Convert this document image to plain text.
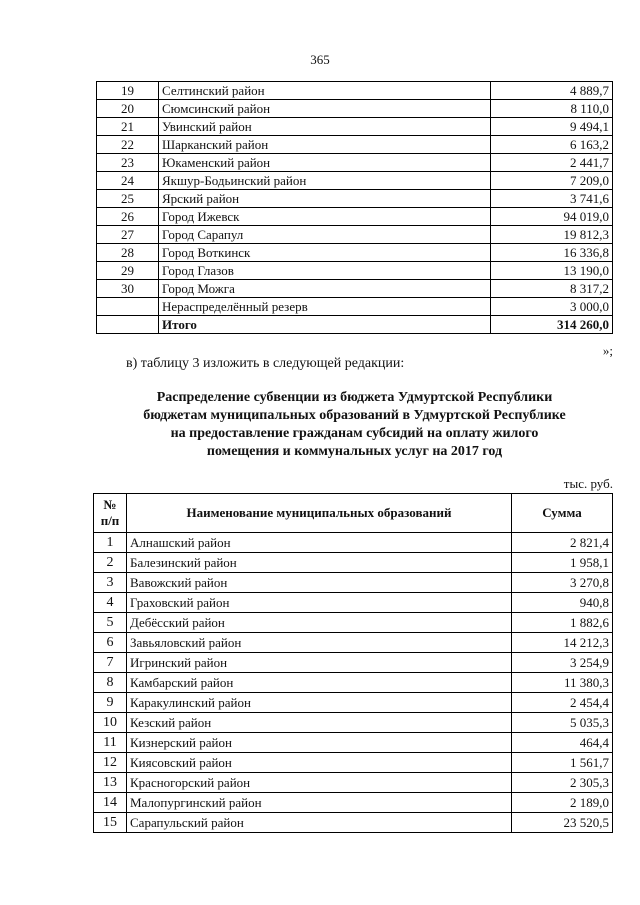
365
19	Селтинский район	4 889,7
20	Сюмсинский район	8 110,0
21	Увинский район	9 494,1
22	Шарканский район	6 163,2
23	Юкаменский район	2 441,7
24	Якшур-Бодьинский район	7 209,0
25	Ярский район	3 741,6
26	Город Ижевск	94 019,0
27	Город Сарапул	19 812,3
28	Город Воткинск	16 336,8
29	Город Глазов	13 190,0
30	Город Можга	8 317,2
	Нераспределённый резерв	3 000,0
	Итого	314 260,0
»;
в) таблицу 3 изложить в следующей редакции:
Распределение субвенции из бюджета Удмуртской Республики
бюджетам муниципальных образований в Удмуртской Республике
на предоставление гражданам субсидий на оплату жилого
помещения и коммунальных услуг на 2017 год
тыс. руб.
№
п/п	Наименование муниципальных образований	Сумма
1	Алнашский район	2 821,4
2	Балезинский район	1 958,1
3	Вавожский район	3 270,8
4	Граховский район	940,8
5	Дебёсский район	1 882,6
6	Завьяловский район	14 212,3
7	Игринский район	3 254,9
8	Камбарский район	11 380,3
9	Каракулинский район	2 454,4
10	Кезский район	5 035,3
11	Кизнерский район	464,4
12	Киясовский район	1 561,7
13	Красногорский район	2 305,3
14	Малопургинский район	2 189,0
15	Сарапульский район	23 520,5
